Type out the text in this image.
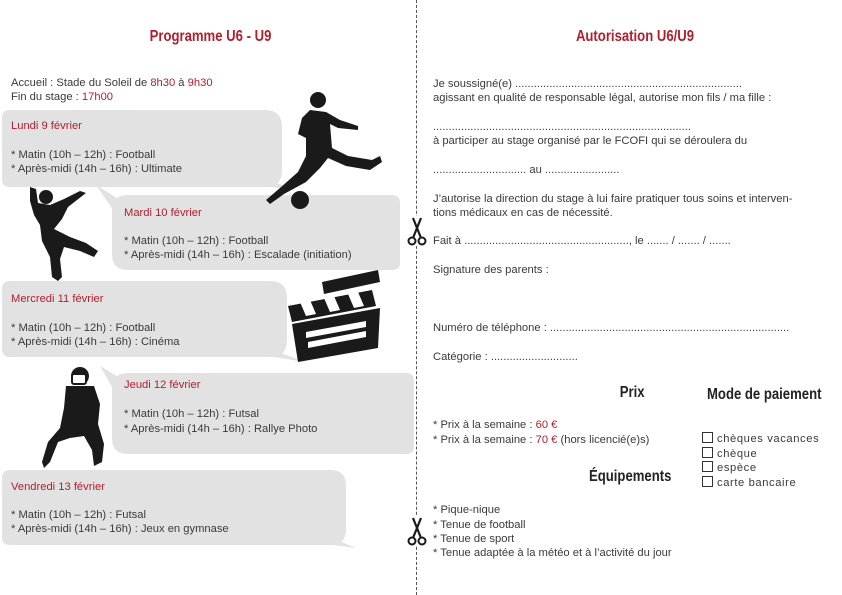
Programme U6 - U9
Accueil : Stade du Soleil de 8h30 à 9h30
Fin du stage : 17h00
Lundi 9 février
* Matin (10h – 12h) : Football
* Après-midi (14h – 16h) : Ultimate
Mardi 10 février
* Matin (10h – 12h) : Football
* Après-midi (14h – 16h) : Escalade (initiation)
Mercredi 11 février
* Matin (10h – 12h) : Football
* Après-midi (14h – 16h) : Cinéma
Jeudi 12 février
* Matin (10h – 12h) : Futsal
* Après-midi (14h – 16h) : Rallye Photo
Vendredi 13 février
* Matin (10h – 12h) : Futsal
* Après-midi (14h – 16h) : Jeux en gymnase
Autorisation U6/U9
Je soussigné(e) .........................................................................
agissant en qualité de responsable légal, autorise mon fils / ma fille :
...................................................................................
à participer au stage organisé par le FCOFI qui se déroulera du
.............................. au ........................
J’autorise la direction du stage à lui faire pratiquer tous soins et interven-
tions médicaux en cas de nécessité.
Fait à ....................................................., le ....... / ....... / .......
Signature des parents :
Numéro de téléphone : .............................................................................
Catégorie : ............................
Prix	Mode de paiement
* Prix à la semaine : 60 €
* Prix à la semaine : 70 € (hors licencié(e)s)	chèques vacances
chèque
espèce
carte bancaire
Équipements
* Pique-nique
* Tenue de football
* Tenue de sport
* Tenue adaptée à la météo et à l’activité du jour
